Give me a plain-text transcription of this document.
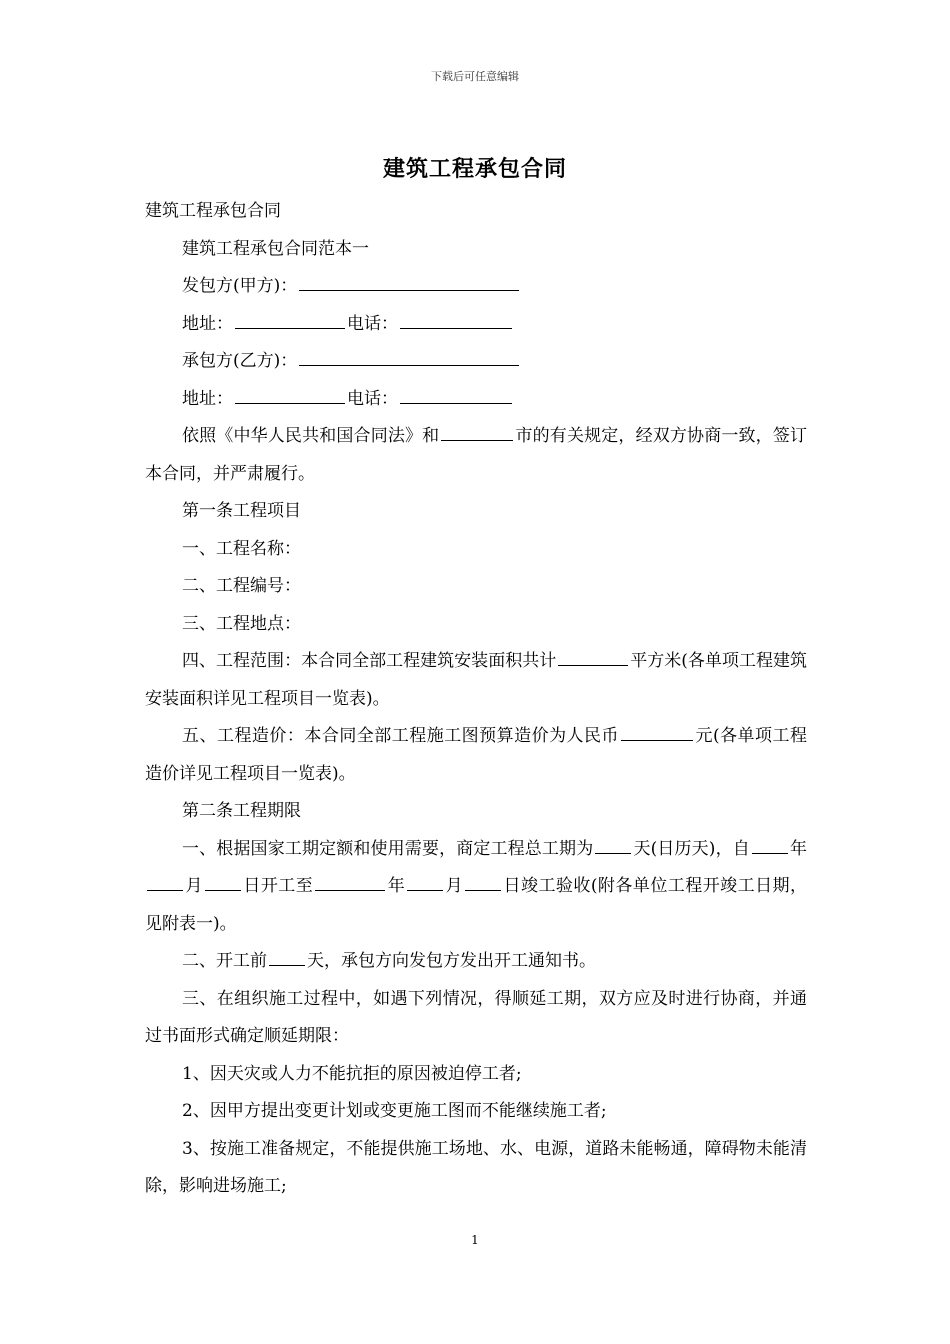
下载后可任意编辑
建筑工程承包合同

建筑工程承包合同

建筑工程承包合同范本一

发包方(甲方)：

地址：	电话：

承包方(乙方)：

地址：	电话：

依照《中华人民共和国合同法》和	市的有关规定，经双方协商一致，签订本合同，并严肃履行。

第一条工程项目

一、工程名称：

二、工程编号：

三、工程地点：

四、工程范围：本合同全部工程建筑安装面积共计	平方米(各单项工程建筑安装面积详见工程项目一览表)。

五、工程造价：本合同全部工程施工图预算造价为人民币	元(各单项工程造价详见工程项目一览表)。

第二条工程期限

一、根据国家工期定额和使用需要，商定工程总工期为 天(日历天)，自 年月 日开工至	年 月 日竣工验收(附各单位工程开竣工日期，见附表一)。

二、开工前 天，承包方向发包方发出开工通知书。

三、在组织施工过程中，如遇下列情况，得顺延工期，双方应及时进行协商，并通过书面形式确定顺延期限：

1、因天灾或人力不能抗拒的原因被迫停工者;

2、因甲方提出变更计划或变更施工图而不能继续施工者;

3、按施工准备规定，不能提供施工场地、水、电源，道路未能畅通，障碍物未能清除，影响进场施工;

1
